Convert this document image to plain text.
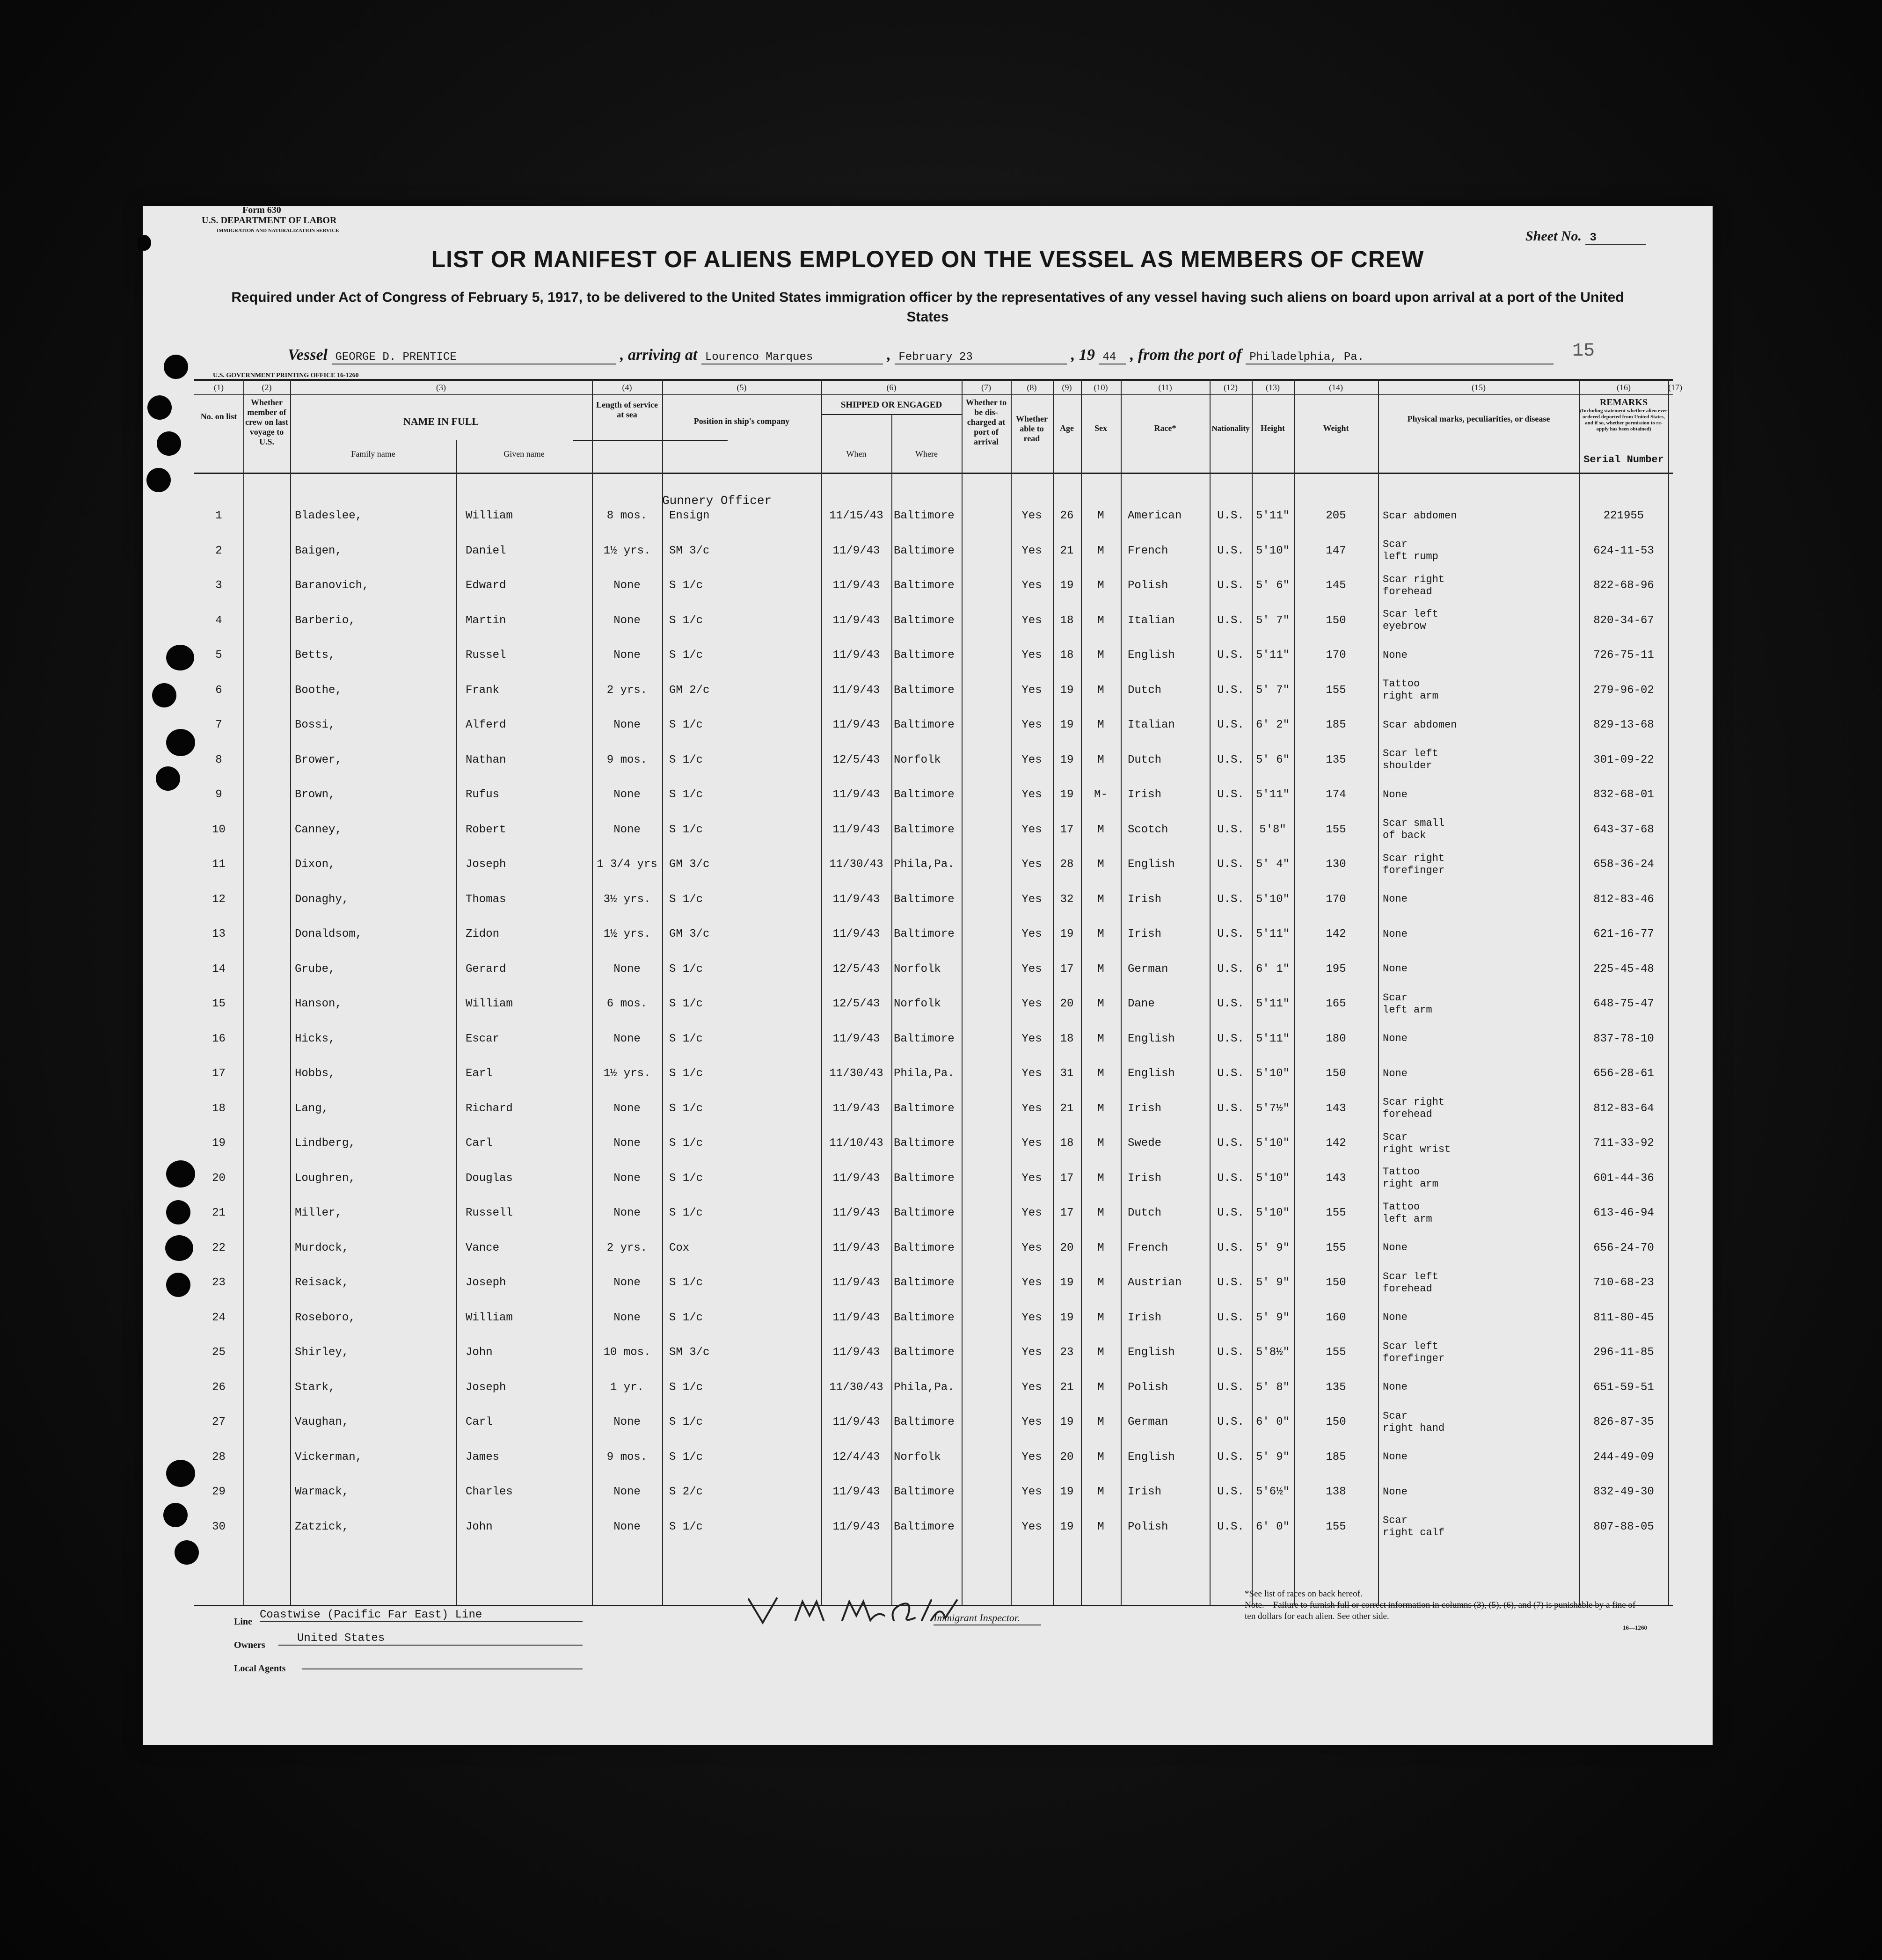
Form 630
U.S. DEPARTMENT OF LABOR
IMMIGRATION AND NATURALIZATION SERVICE	Sheet No. 3
LIST OR MANIFEST OF ALIENS EMPLOYED ON THE VESSEL AS MEMBERS OF CREW
Required under Act of Congress of February 5, 1917, to be delivered to the United States immigration officer by the representatives of any vessel having such aliens on board upon arrival at a port of the United States
Vessel GEORGE D. PRENTICE	, arriving at Lourenco Marques	, February 23	, 19 44 , from the port of Philadelphia, Pa.	15
U.S. GOVERNMENT PRINTING OFFICE 16-1260
(1)	(2)	(3)	(4)	(5)	(6)	(7)	(8)	(9)	(10)	(11)	(12)	(13)	(14)	(15)	(16)	(17)
No. on list
Whether member of crew on last voyage to U.S.
NAME IN FULL
Family name	Given name
Length of service at sea
Position in ship's company
SHIPPED OR ENGAGED
When	Where
Whether to be dis-charged at port of arrival
Whether able to read
Age	Sex	Race*	Nationality	Height	Weight
Physical marks, peculiarities, or disease
REMARKS
(Including statement whether alien ever ordered deported from United States, and if so, whether permission to re-apply has been obtained)
Serial Number
Gunnery Officer
1	Bladeslee,	William	8 mos.	Ensign	11/15/43 Baltimore	Yes	26	M	American	U.S.	5'11"	205	Scar abdomen	221955
2	Baigen,	Daniel	1½ yrs.	SM 3/c	11/9/43	Baltimore	Yes	21	M	French	U.S.	5'10"	147	Scar
left rump	624-11-53
3	Baranovich,	Edward	None	S 1/c	11/9/43	Baltimore	Yes	19	M	Polish	U.S.	5' 6"	145	Scar right
forehead	822-68-96
4	Barberio,	Martin	None	S 1/c	11/9/43	Baltimore	Yes	18	M	Italian	U.S.	5' 7"	150	Scar left
eyebrow	820-34-67
5	Betts,	Russel	None	S 1/c	11/9/43	Baltimore	Yes	18	M	English	U.S.	5'11"	170	None	726-75-11
6	Boothe,	Frank	2 yrs.	GM 2/c	11/9/43	Baltimore	Yes	19	M	Dutch	U.S.	5' 7"	155	Tattoo
right arm	279-96-02
7	Bossi,	Alferd	None	S 1/c	11/9/43	Baltimore	Yes	19	M	Italian	U.S.	6' 2"	185	Scar abdomen	829-13-68
8	Brower,	Nathan	9 mos.	S 1/c	12/5/43	Norfolk	Yes	19	M	Dutch	U.S.	5' 6"	135	Scar left
shoulder	301-09-22
9	Brown,	Rufus	None	S 1/c	11/9/43	Baltimore	Yes	19	M-	Irish	U.S.	5'11"	174	None	832-68-01
10	Canney,	Robert	None	S 1/c	11/9/43	Baltimore	Yes	17	M	Scotch	U.S.	5'8"	155	Scar small
of back	643-37-68
11	Dixon,	Joseph	1 3/4 yrs	GM 3/c	11/30/43 Phila,Pa.	Yes	28	M	English	U.S.	5' 4"	130	Scar right
forefinger	658-36-24
12	Donaghy,	Thomas	3½ yrs.	S 1/c	11/9/43	Baltimore	Yes	32	M	Irish	U.S.	5'10"	170	None	812-83-46
13	Donaldsom,	Zidon	1½ yrs.	GM 3/c	11/9/43	Baltimore	Yes	19	M	Irish	U.S.	5'11"	142	None	621-16-77
14	Grube,	Gerard	None	S 1/c	12/5/43	Norfolk	Yes	17	M	German	U.S.	6' 1"	195	None	225-45-48
15	Hanson,	William	6 mos.	S 1/c	12/5/43	Norfolk	Yes	20	M	Dane	U.S.	5'11"	165	Scar
left arm	648-75-47
16	Hicks,	Escar	None	S 1/c	11/9/43	Baltimore	Yes	18	M	English	U.S.	5'11"	180	None	837-78-10
17	Hobbs,	Earl	1½ yrs.	S 1/c	11/30/43 Phila,Pa.	Yes	31	M	English	U.S.	5'10"	150	None	656-28-61
18	Lang,	Richard	None	S 1/c	11/9/43	Baltimore	Yes	21	M	Irish	U.S.	5'7½"	143	Scar right
forehead	812-83-64
19	Lindberg,	Carl	None	S 1/c	11/10/43 Baltimore	Yes	18	M	Swede	U.S.	5'10"	142	Scar
right wrist	711-33-92
20	Loughren,	Douglas	None	S 1/c	11/9/43	Baltimore	Yes	17	M	Irish	U.S.	5'10"	143	Tattoo
right arm	601-44-36
21	Miller,	Russell	None	S 1/c	11/9/43	Baltimore	Yes	17	M	Dutch	U.S.	5'10"	155	Tattoo
left arm	613-46-94
22	Murdock,	Vance	2 yrs.	Cox	11/9/43	Baltimore	Yes	20	M	French	U.S.	5' 9"	155	None	656-24-70
23	Reisack,	Joseph	None	S 1/c	11/9/43	Baltimore	Yes	19	M	Austrian	U.S.	5' 9"	150	Scar left
forehead	710-68-23
24	Roseboro,	William	None	S 1/c	11/9/43	Baltimore	Yes	19	M	Irish	U.S.	5' 9"	160	None	811-80-45
25	Shirley,	John	10 mos.	SM 3/c	11/9/43	Baltimore	Yes	23	M	English	U.S.	5'8½"	155	Scar left
forefinger	296-11-85
26	Stark,	Joseph	1 yr.	S 1/c	11/30/43 Phila,Pa.	Yes	21	M	Polish	U.S.	5' 8"	135	None	651-59-51
27	Vaughan,	Carl	None	S 1/c	11/9/43	Baltimore	Yes	19	M	German	U.S.	6' 0"	150	Scar
right hand	826-87-35
28	Vickerman,	James	9 mos.	S 1/c	12/4/43	Norfolk	Yes	20	M	English	U.S.	5' 9"	185	None	244-49-09
29	Warmack,	Charles	None	S 2/c	11/9/43	Baltimore	Yes	19	M	Irish	U.S.	5'6½"	138	None	832-49-30
30	Zatzick,	John	None	S 1/c	11/9/43	Baltimore	Yes	19	M	Polish	U.S.	6' 0"	155	Scar
right calf	807-88-05
Line
Coastwise (Pacific Far East) Line
Owners
United States
Local Agents
Immigrant Inspector.
*See list of races on back hereof.
Note.—Failure to furnish full or correct information in columns (3), (5), (6), and (7) is punishable by a fine of ten dollars for each alien. See other side.
16—1260
